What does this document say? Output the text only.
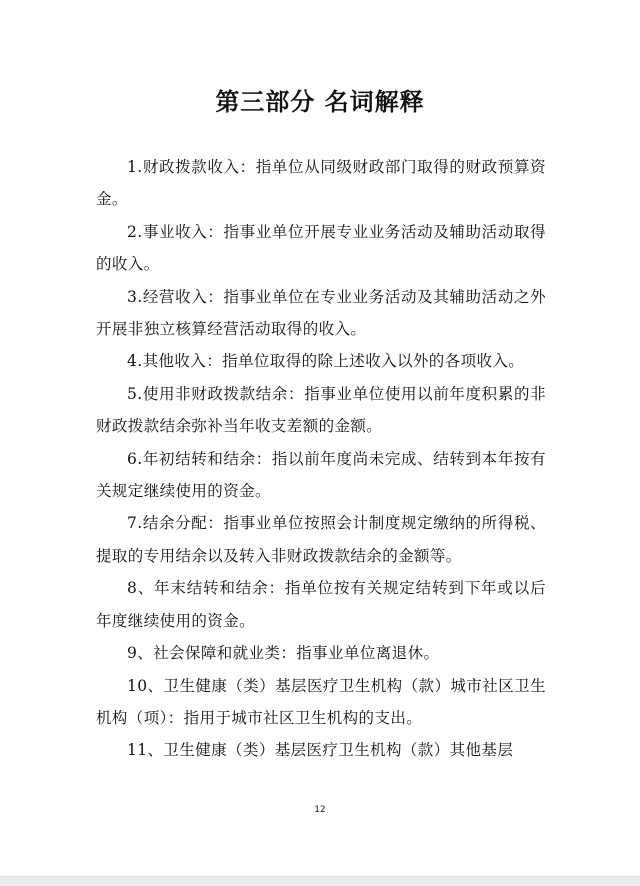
第三部分 名词解释

1.财政拨款收入：指单位从同级财政部门取得的财政预算资金。

2.事业收入：指事业单位开展专业业务活动及辅助活动取得的收入。

3.经营收入：指事业单位在专业业务活动及其辅助活动之外开展非独立核算经营活动取得的收入。

4.其他收入：指单位取得的除上述收入以外的各项收入。

5.使用非财政拨款结余：指事业单位使用以前年度积累的非财政拨款结余弥补当年收支差额的金额。

6.年初结转和结余：指以前年度尚未完成、结转到本年按有关规定继续使用的资金。

7.结余分配：指事业单位按照会计制度规定缴纳的所得税、提取的专用结余以及转入非财政拨款结余的金额等。

8、年末结转和结余：指单位按有关规定结转到下年或以后年度继续使用的资金。

9、社会保障和就业类：指事业单位离退休。

10、卫生健康（类）基层医疗卫生机构（款）城市社区卫生机构（项）：指用于城市社区卫生机构的支出。

11、卫生健康（类）基层医疗卫生机构（款）其他基层

12
